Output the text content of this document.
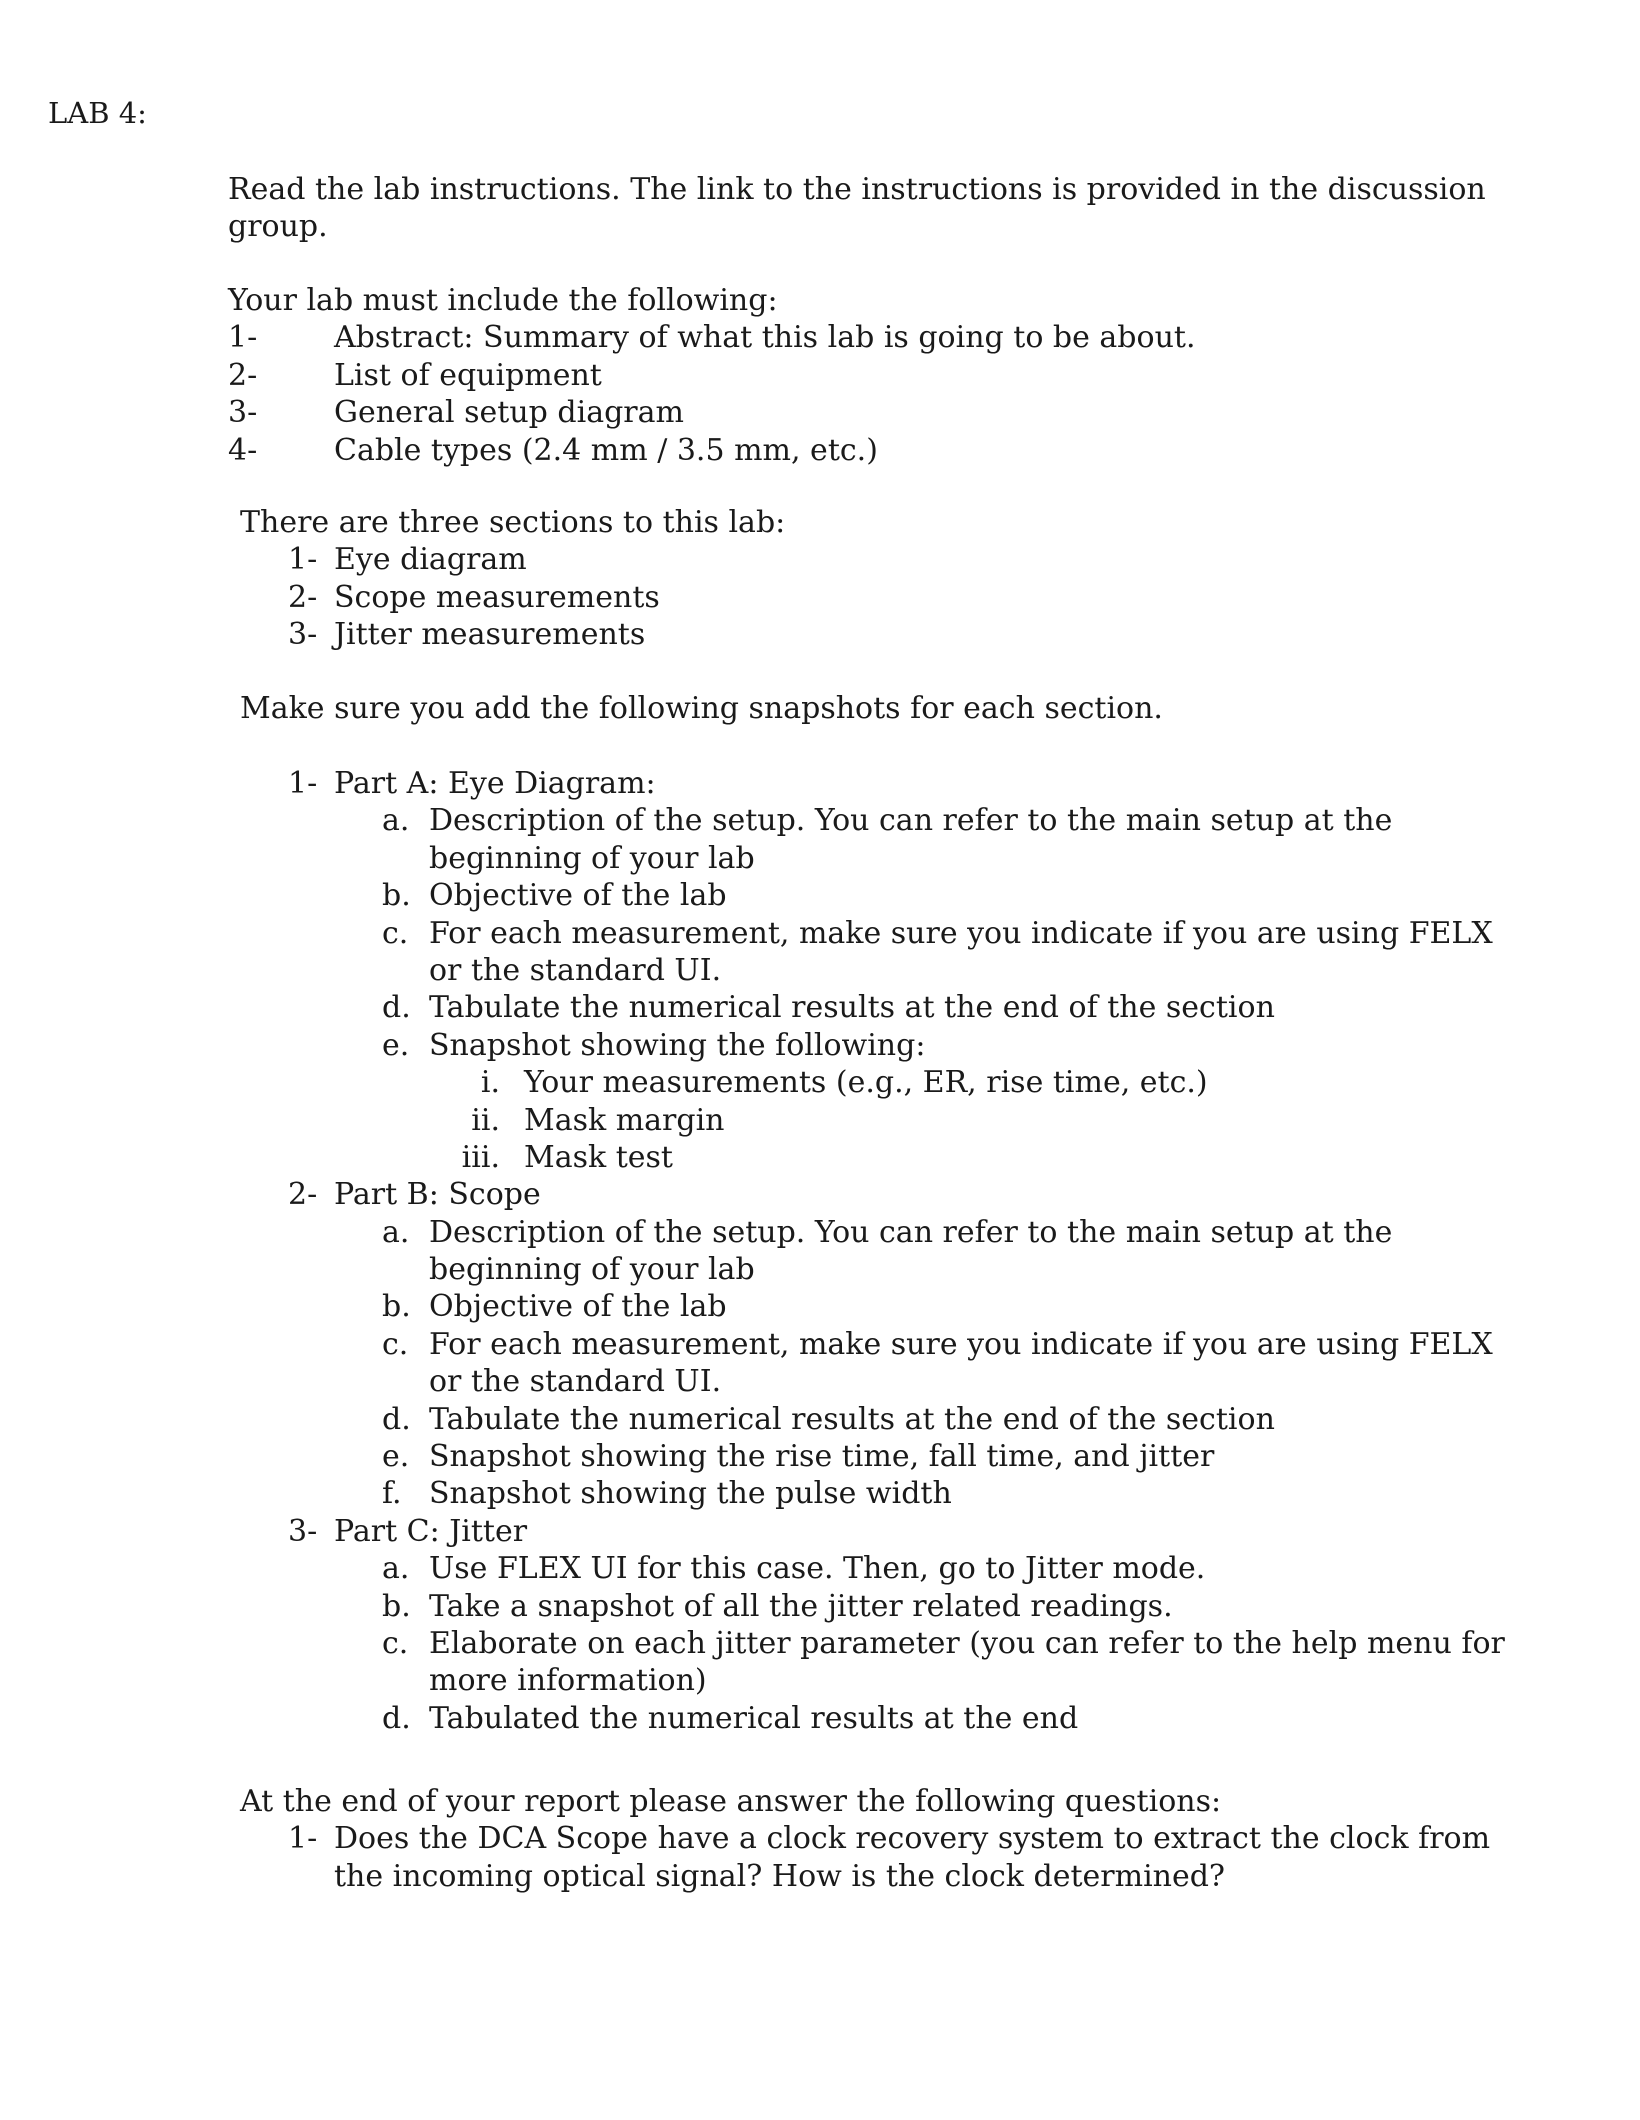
LAB 4:
Read the lab instructions. The link to the instructions is provided in the discussion
group.
Your lab must include the following:
1-	Abstract: Summary of what this lab is going to be about.
2-	List of equipment
3-	General setup diagram
4-	Cable types (2.4 mm / 3.5 mm, etc.)
There are three sections to this lab:
1- Eye diagram
2- Scope measurements
3- Jitter measurements
Make sure you add the following snapshots for each section.
1- Part A: Eye Diagram:
a. Description of the setup. You can refer to the main setup at the
beginning of your lab
b. Objective of the lab
c. For each measurement, make sure you indicate if you are using FELX
or the standard UI.
d. Tabulate the numerical results at the end of the section
e. Snapshot showing the following:
i. Your measurements (e.g., ER, rise time, etc.)
ii. Mask margin
iii. Mask test
2- Part B: Scope
a. Description of the setup. You can refer to the main setup at the
beginning of your lab
b. Objective of the lab
c. For each measurement, make sure you indicate if you are using FELX
or the standard UI.
d. Tabulate the numerical results at the end of the section
e. Snapshot showing the rise time, fall time, and jitter
f. Snapshot showing the pulse width
3- Part C: Jitter
a. Use FLEX UI for this case. Then, go to Jitter mode.
b. Take a snapshot of all the jitter related readings.
c. Elaborate on each jitter parameter (you can refer to the help menu for
more information)
d. Tabulated the numerical results at the end
At the end of your report please answer the following questions:
1- Does the DCA Scope have a clock recovery system to extract the clock from
the incoming optical signal? How is the clock determined?
